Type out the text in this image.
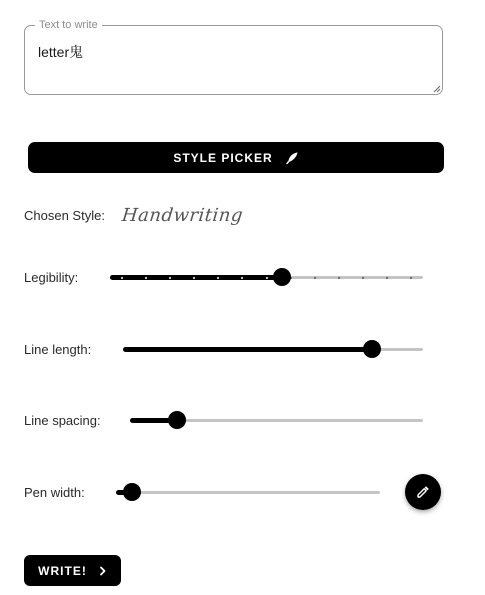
Text to write
letter鬼
STYLE PICKER
Chosen Style: Handwriting
Legibility:
Line length:
Line spacing:
Pen width:
WRITE!
